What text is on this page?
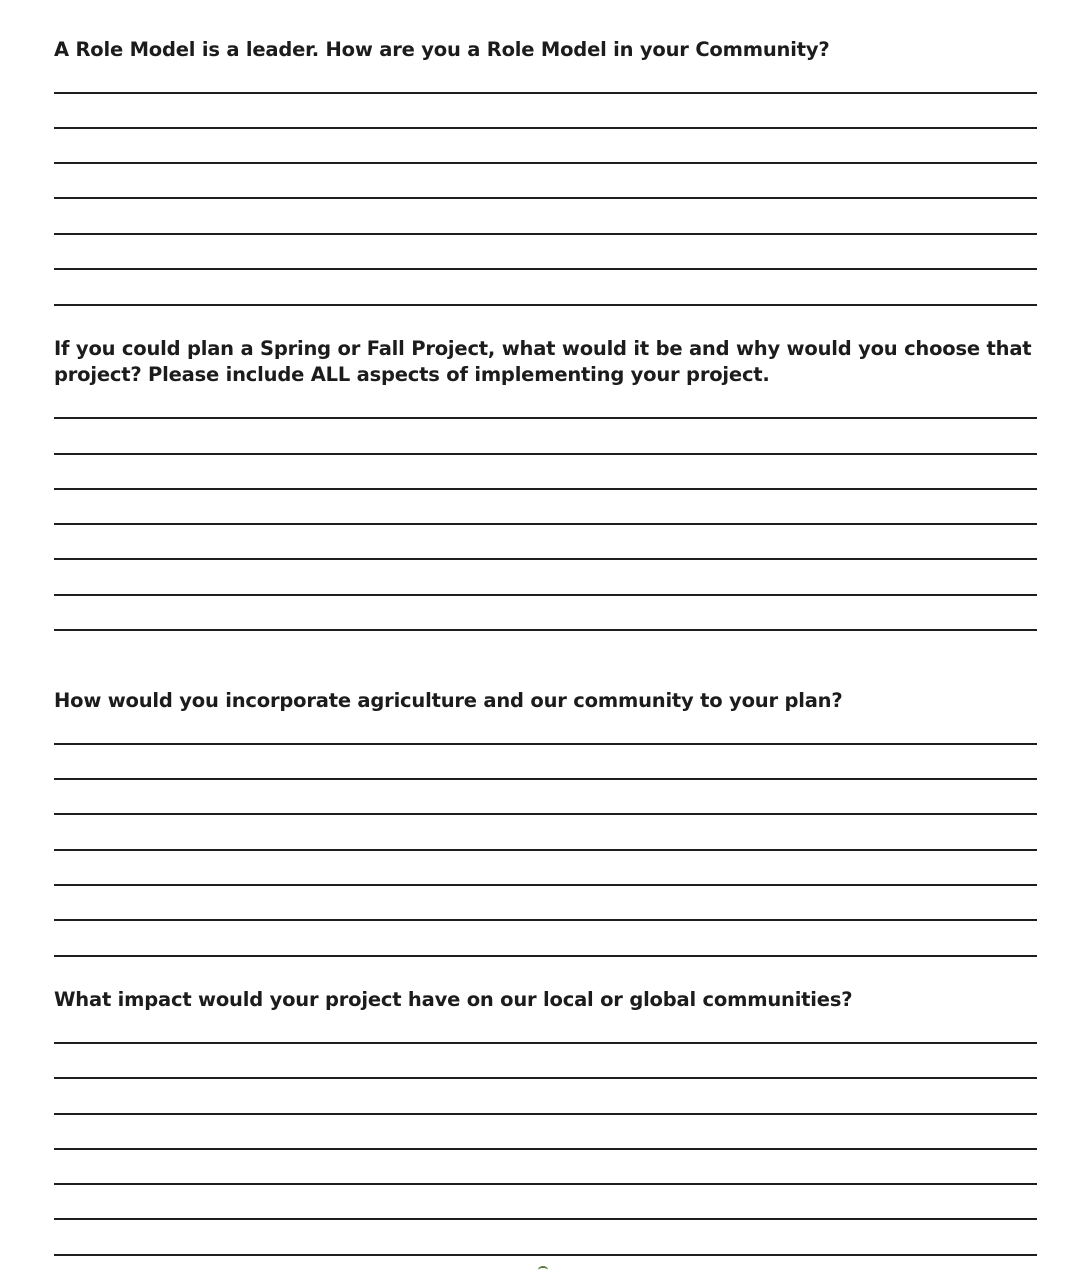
A Role Model is a leader. How are you a Role Model in your Community?

If you could plan a Spring or Fall Project, what would it be and why would you choose that project? Please include ALL aspects of implementing your project.

How would you incorporate agriculture and our community to your plan?

What impact would your project have on our local or global communities?
